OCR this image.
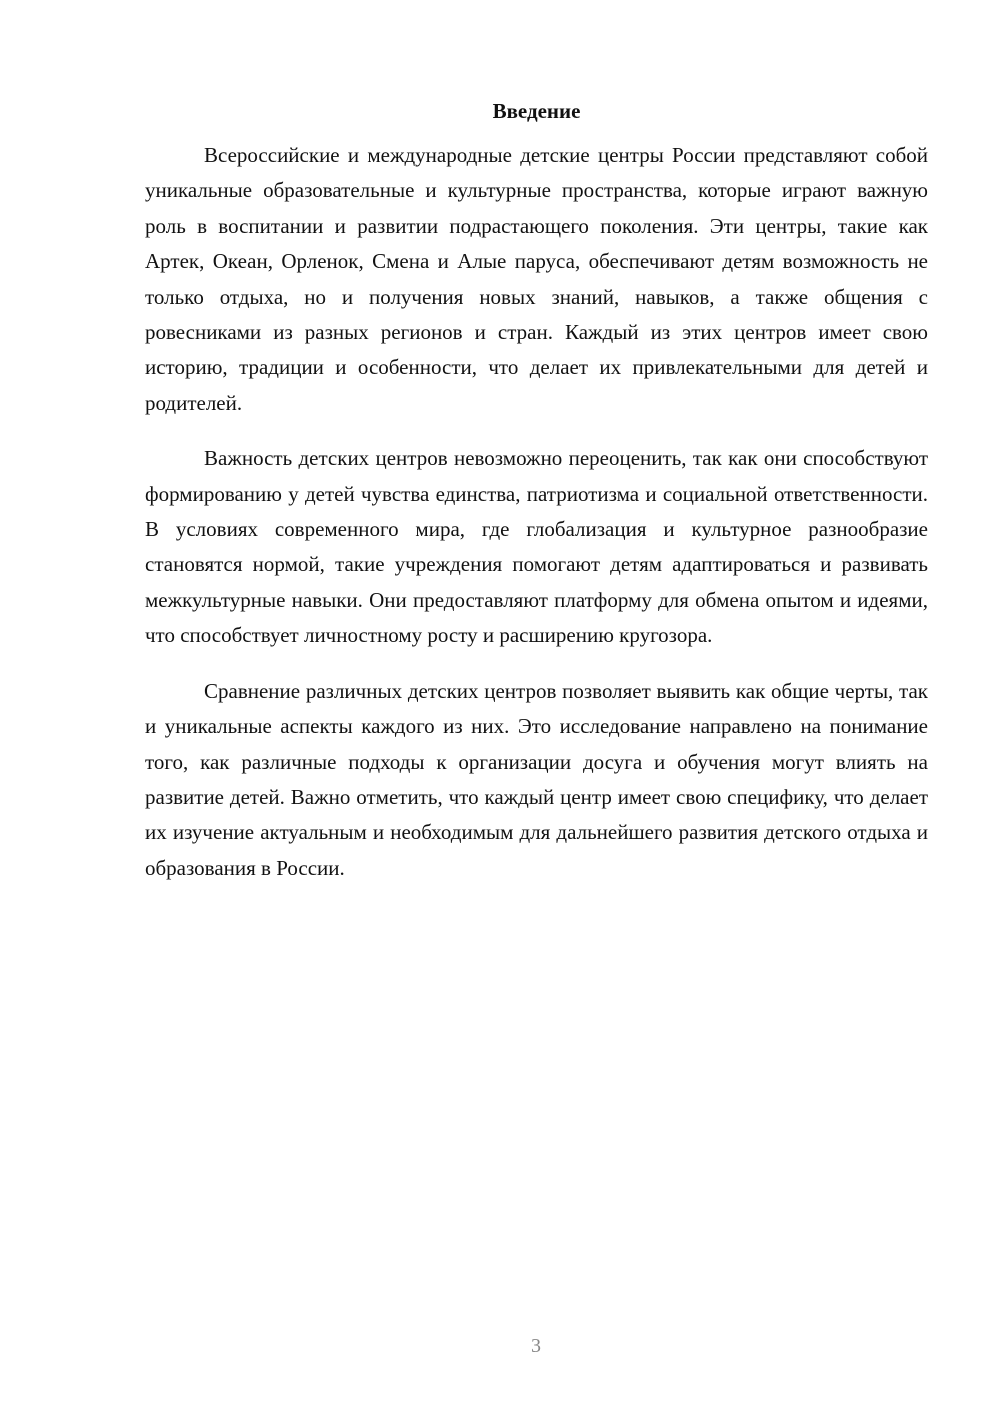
Введение

Всероссийские и международные детские центры России представляют собой уникальные образовательные и культурные пространства, которые играют важную роль в воспитании и развитии подрастающего поколения. Эти центры, такие как Артек, Океан, Орленок, Смена и Алые паруса, обеспечивают детям возможность не только отдыха, но и получения новых знаний, навыков, а также общения с ровесниками из разных регионов и стран. Каждый из этих центров имеет свою историю, традиции и особенности, что делает их привлекательными для детей и родителей.

Важность детских центров невозможно переоценить, так как они способствуют формированию у детей чувства единства, патриотизма и социальной ответственности. В условиях современного мира, где глобализация и культурное разнообразие становятся нормой, такие учреждения помогают детям адаптироваться и развивать межкультурные навыки. Они предоставляют платформу для обмена опытом и идеями, что способствует личностному росту и расширению кругозора.

Сравнение различных детских центров позволяет выявить как общие черты, так и уникальные аспекты каждого из них. Это исследование направлено на понимание того, как различные подходы к организации досуга и обучения могут влиять на развитие детей. Важно отметить, что каждый центр имеет свою специфику, что делает их изучение актуальным и необходимым для дальнейшего развития детского отдыха и образования в России.

3
